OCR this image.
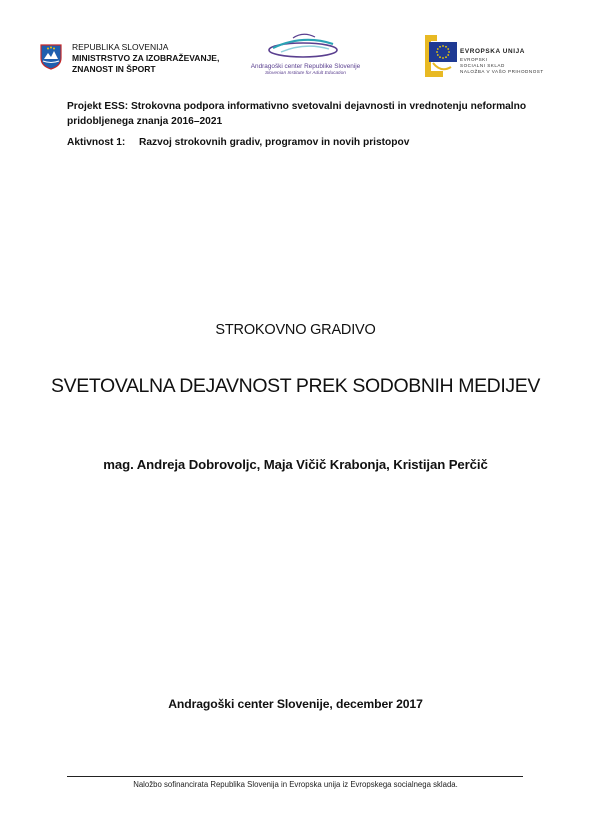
REPUBLIKA SLOVENIJA
MINISTRSTVO ZA IZOBRAŽEVANJE,
ZNANOST IN ŠPORT	Andragoški center Republike Slovenije
Slovenian Institute for Adult Education
EVROPSKA UNIJA
EVROPSKI
SOCIALNI SKLAD
NALOŽBA V VAŠO PRIHODNOST
Projekt ESS: Strokovna podpora informativno svetovalni dejavnosti in vrednotenju neformalno pridobljenega znanja 2016–2021
Aktivnost 1: Razvoj strokovnih gradiv, programov in novih pristopov
STROKOVNO GRADIVO
SVETOVALNA DEJAVNOST PREK SODOBNIH MEDIJEV
mag. Andreja Dobrovoljc, Maja Vičič Krabonja, Kristijan Perčič
Andragoški center Slovenije, december 2017
Naložbo sofinancirata Republika Slovenija in Evropska unija iz Evropskega socialnega sklada.
